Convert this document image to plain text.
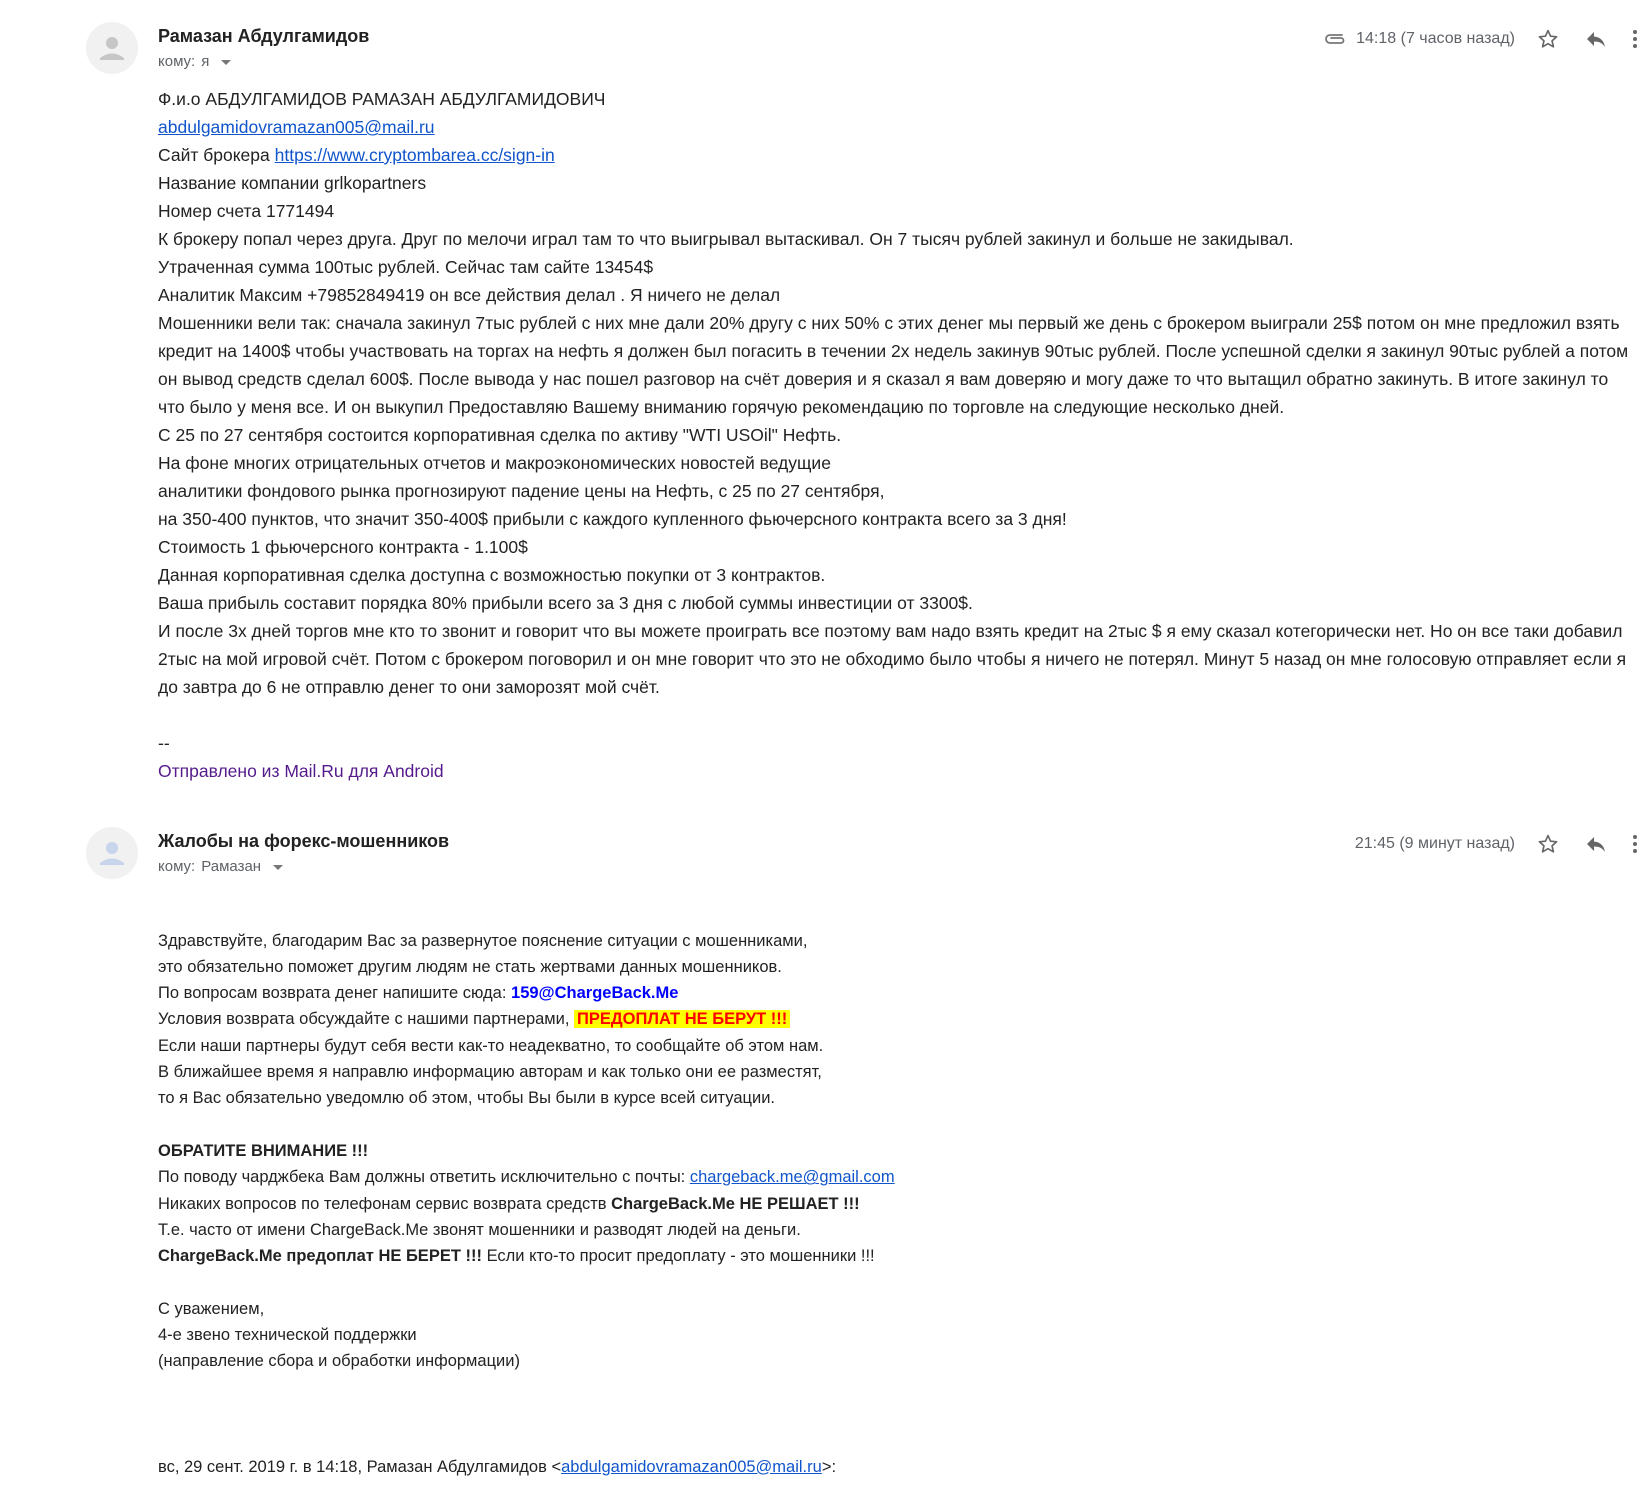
Рамазан Абдулгамидов
кому: я
14:18 (7 часов назад)
Ф.и.о АБДУЛГАМИДОВ РАМАЗАН АБДУЛГАМИДОВИЧ
abdulgamidovramazan005@mail.ru
Сайт брокера https://www.cryptombarea.cc/sign-in
Название компании grlkopartners
Номер счета 1771494
К брокеру попал через друга. Друг по мелочи играл там то что выигрывал вытаскивал. Он 7 тысяч рублей закинул и больше не закидывал.
Утраченная сумма 100тыс рублей. Сейчас там сайте 13454$
Аналитик Максим +79852849419 он все действия делал . Я ничего не делал
Мошенники вели так: сначала закинул 7тыс рублей с них мне дали 20% другу с них 50% с этих денег мы первый же день с брокером выиграли 25$ потом он мне предложил взять кредит на 1400$ чтобы участвовать на торгах на нефть я должен был погасить в течении 2х недель закинув 90тыс рублей. После успешной сделки я закинул 90тыс рублей а потом он вывод средств сделал 600$. После вывода у нас пошел разговор на счёт доверия и я сказал я вам доверяю и могу даже то что вытащил обратно закинуть. В итоге закинул то что было у меня все. И он выкупил Предоставляю Вашему вниманию горячую рекомендацию по торговле на следующие несколько дней.
С 25 по 27 сентября состоится корпоративная сделка по активу "WTI USOil" Нефть.
На фоне многих отрицательных отчетов и макроэкономических новостей ведущие
аналитики фондового рынка прогнозируют падение цены на Нефть, с 25 по 27 сентября,
на 350-400 пунктов, что значит 350-400$ прибыли с каждого купленного фьючерсного контракта всего за 3 дня!
Стоимость 1 фьючерсного контракта - 1.100$
Данная корпоративная сделка доступна с возможностью покупки от 3 контрактов.
Ваша прибыль составит порядка 80% прибыли всего за 3 дня с любой суммы инвестиции от 3300$.
И после 3х дней торгов мне кто то звонит и говорит что вы можете проиграть все поэтому вам надо взять кредит на 2тыс $ я ему сказал котегорически нет. Но он все таки добавил 2тыс на мой игровой счёт. Потом с брокером поговорил и он мне говорит что это не обходимо было чтобы я ничего не потерял. Минут 5 назад он мне голосовую отправляет если я до завтра до 6 не отправлю денег то они заморозят мой счёт.
--
Отправлено из Mail.Ru для Android
Жалобы на форекс-мошенников
кому: Рамазан
21:45 (9 минут назад)
Здравствуйте, благодарим Вас за развернутое пояснение ситуации с мошенниками,
это обязательно поможет другим людям не стать жертвами данных мошенников.
По вопросам возврата денег напишите сюда: 159@ChargeBack.Me
Условия возврата обсуждайте с нашими партнерами, ПРЕДОПЛАТ НЕ БЕРУТ !!!
Если наши партнеры будут себя вести как-то неадекватно, то сообщайте об этом нам.
В ближайшее время я направлю информацию авторам и как только они ее разместят,
то я Вас обязательно уведомлю об этом, чтобы Вы были в курсе всей ситуации.
ОБРАТИТЕ ВНИМАНИЕ !!!
По поводу чарджбека Вам должны ответить исключительно с почты: chargeback.me@gmail.com
Никаких вопросов по телефонам сервис возврата средств ChargeBack.Me НЕ РЕШАЕТ !!!
Т.е. часто от имени ChargeBack.Me звонят мошенники и разводят людей на деньги.
ChargeBack.Me предоплат НЕ БЕРЕТ !!! Если кто-то просит предоплату - это мошенники !!!
С уважением,
4-е звено технической поддержки
(направление сбора и обработки информации)
вс, 29 сент. 2019 г. в 14:18, Рамазан Абдулгамидов <abdulgamidovramazan005@mail.ru>:
